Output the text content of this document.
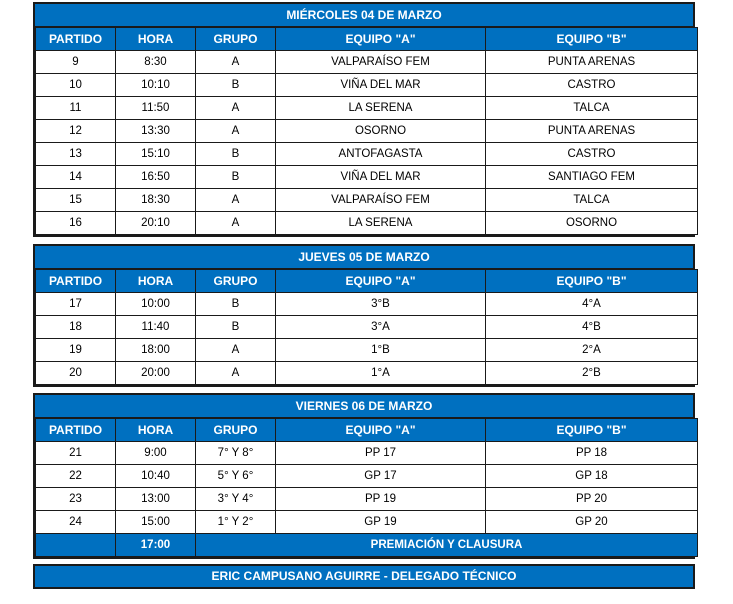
MIÉRCOLES 04 DE MARZO
PARTIDO	HORA	GRUPO	EQUIPO "A"	EQUIPO "B"
9	8:30	A	VALPARAÍSO FEM	PUNTA ARENAS
10	10:10	B	VIÑA DEL MAR	CASTRO
11	11:50	A	LA SERENA	TALCA
12	13:30	A	OSORNO	PUNTA ARENAS
13	15:10	B	ANTOFAGASTA	CASTRO
14	16:50	B	VIÑA DEL MAR	SANTIAGO FEM
15	18:30	A	VALPARAÍSO FEM	TALCA
16	20:10	A	LA SERENA	OSORNO
JUEVES 05 DE MARZO
PARTIDO	HORA	GRUPO	EQUIPO "A"	EQUIPO "B"
17	10:00	B	3°B	4°A
18	11:40	B	3°A	4°B
19	18:00	A	1°B	2°A
20	20:00	A	1°A	2°B
VIERNES 06 DE MARZO
PARTIDO	HORA	GRUPO	EQUIPO "A"	EQUIPO "B"
21	9:00	7° Y 8°	PP 17	PP 18
22	10:40	5° Y 6°	GP 17	GP 18
23	13:00	3° Y 4°	PP 19	PP 20
24	15:00	1° Y 2°	GP 19	GP 20
	17:00	PREMIACIÓN Y CLAUSURA		
ERIC CAMPUSANO AGUIRRE - DELEGADO TÉCNICO
